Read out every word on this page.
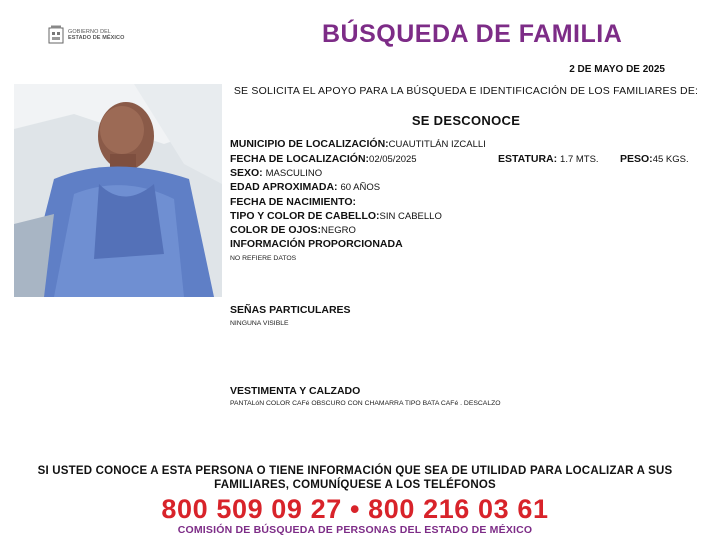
GOBIERNO DEL
ESTADO DE MÉXICO	BÚSQUEDA DE FAMILIA
2 DE MAYO DE 2025
SE SOLICITA EL APOYO PARA LA BÚSQUEDA E IDENTIFICACIÓN DE LOS FAMILIARES DE:
SE DESCONOCE
MUNICIPIO DE LOCALIZACIÓN:CUAUTITLÁN IZCALLI
FECHA DE LOCALIZACIÓN:02/05/2025	ESTATURA: 1.7 MTS. PESO:45 KGS.
SEXO: MASCULINO
EDAD APROXIMADA: 60 AÑOS
FECHA DE NACIMIENTO:
TIPO Y COLOR DE CABELLO:SIN CABELLO
COLOR DE OJOS:NEGRO
INFORMACIÓN PROPORCIONADA
NO REFIERE DATOS
SEÑAS PARTICULARES
NINGUNA VISIBLE
VESTIMENTA Y CALZADO
PANTALóN COLOR CAFé OBSCURO CON CHAMARRA TIPO BATA CAFé . DESCALZO
SI USTED CONOCE A ESTA PERSONA O TIENE INFORMACIÓN QUE SEA DE UTILIDAD PARA LOCALIZAR A SUS
FAMILIARES, COMUNÍQUESE A LOS TELÉFONOS
800 509 09 27 • 800 216 03 61
COMISIÓN DE BÚSQUEDA DE PERSONAS DEL ESTADO DE MÉXICO
